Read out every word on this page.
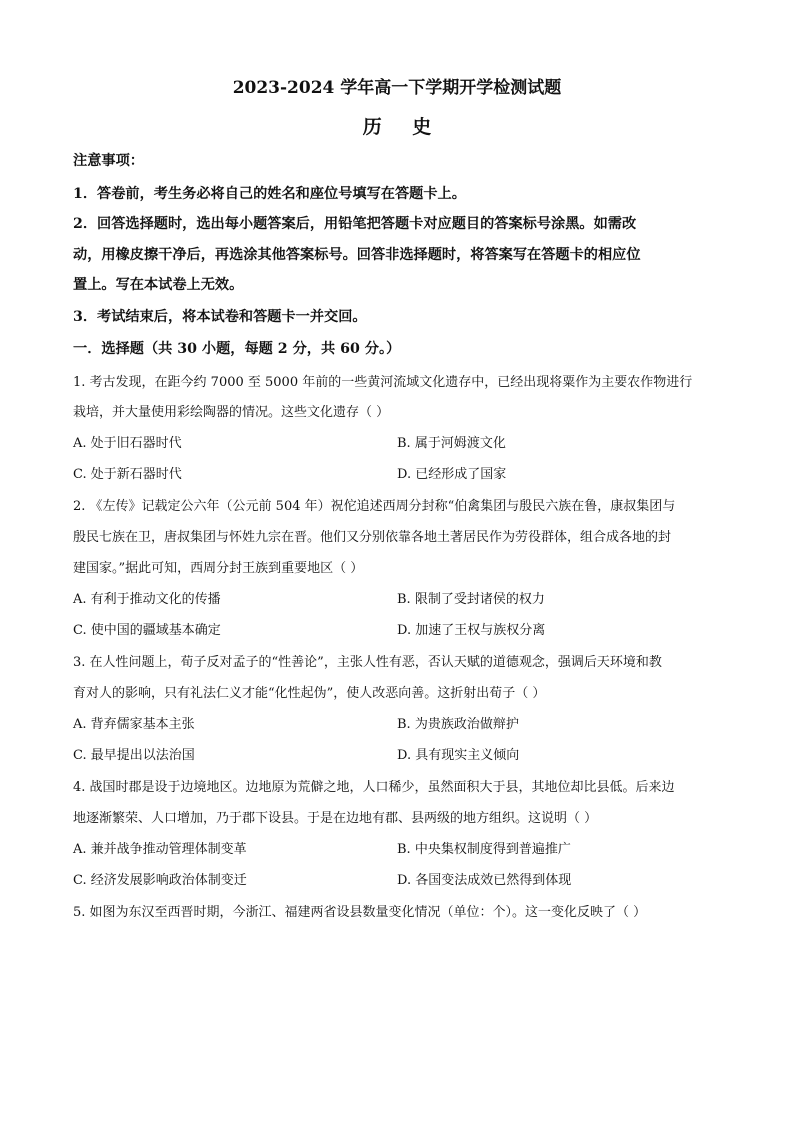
2023-2024 学年高一下学期开学检测试题
历 史
注意事项：
1．答卷前，考生务必将自己的姓名和座位号填写在答题卡上。
2．回答选择题时，选出每小题答案后，用铅笔把答题卡对应题目的答案标号涂黑。如需改
动，用橡皮擦干净后，再选涂其他答案标号。回答非选择题时，将答案写在答题卡的相应位
置上。写在本试卷上无效。
3．考试结束后，将本试卷和答题卡一并交回。
一．选择题（共 30 小题，每题 2 分，共 60 分。）
1. 考古发现，在距今约 7000 至 5000 年前的一些黄河流域文化遗存中，已经出现将粟作为主要农作物进行
栽培，并大量使用彩绘陶器的情况。这些文化遗存（ ）
A. 处于旧石器时代	B. 属于河姆渡文化
C. 处于新石器时代	D. 已经形成了国家
2. 《左传》记载定公六年（公元前 504 年）祝佗追述西周分封称“伯禽集团与殷民六族在鲁，康叔集团与
殷民七族在卫，唐叔集团与怀姓九宗在晋。他们又分别依靠各地土著居民作为劳役群体，组合成各地的封
建国家。”据此可知，西周分封王族到重要地区（ ）
A. 有利于推动文化的传播	B. 限制了受封诸侯的权力
C. 使中国的疆域基本确定	D. 加速了王权与族权分离
3. 在人性问题上，荀子反对孟子的“性善论”，主张人性有恶，否认天赋的道德观念，强调后天环境和教
育对人的影响，只有礼法仁义才能“化性起伪”，使人改恶向善。这折射出荀子（ ）
A. 背弃儒家基本主张	B. 为贵族政治做辩护
C. 最早提出以法治国	D. 具有现实主义倾向
4. 战国时郡是设于边境地区。边地原为荒僻之地，人口稀少，虽然面积大于县，其地位却比县低。后来边
地逐渐繁荣、人口增加，乃于郡下设县。于是在边地有郡、县两级的地方组织。这说明（ ）
A. 兼并战争推动管理体制变革	B. 中央集权制度得到普遍推广
C. 经济发展影响政治体制变迁	D. 各国变法成效已然得到体现
5. 如图为东汉至西晋时期，今浙江、福建两省设县数量变化情况（单位：个）。这一变化反映了（ ）
